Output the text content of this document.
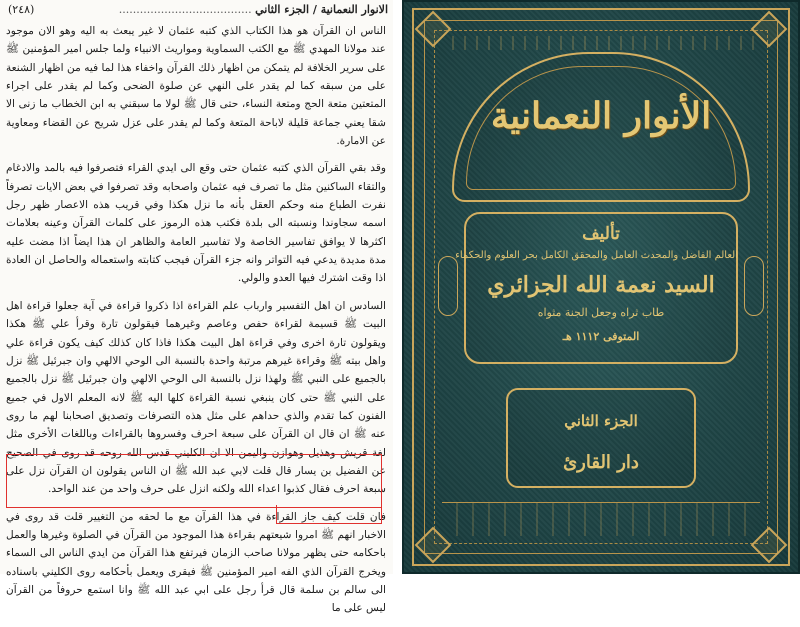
الانوار النعمانية / الجزء الثاني ......................................
(٢٤٨)

الناس ان القرآن هو هذا الكتاب الذي كتبه عثمان لا غير يبعث به اليه وهو الان موجود عند مولانا المهدي ﷺ مع الكتب السماوية ومواريث الانبياء ولما جلس امير المؤمنين ﷺ على سرير الخلافة لم يتمكن من اظهار ذلك القرآن واخفاء هذا لما فيه من اظهار الشنعة على من سبقه كما لم يقدر على النهي عن صلوة الضحى وكما لم يقدر على اجراء المتعتين متعة الحج ومتعة النساء، حتى قال ﷺ لولا ما سبقني به ابن الخطاب ما زنى الا شقا يعني جماعة قليلة لاباحة المتعة وكما لم يقدر على عزل شريح عن القضاء ومعاوية عن الامارة.

وقد بقي القرآن الذي كتبه عثمان حتى وقع الى ايدي القراء فتصرفوا فيه بالمد والادغام والتقاء الساكنين مثل ما تصرف فيه عثمان واصحابه وقد تصرفوا في بعض الايات تصرفاً نفرت الطباع منه وحكم العقل بأنه ما نزل هكذا وفي قريب هذه الاعصار ظهر رجل اسمه سجاوندا ونسبته الى بلدة فكتب هذه الرموز على كلمات القرآن وعينه بعلامات اكثرها لا يوافق تفاسير الخاصة ولا تفاسير العامة والظاهر ان هذا ايضاً اذا مضت عليه مدة مديدة يدعي فيه التواتر وانه جزء القرآن فيجب كتابته واستعماله والحاصل ان العادة اذا وقت اشترك فيها العدو والولي.

السادس ان اهل التفسير وارباب علم القراءة اذا ذكروا قراءة في آية جعلوا قراءة اهل البيت ﷺ قسيمة لقراءة حفص وعاصم وغيرهما فيقولون تارة وقرأ علي ﷺ هكذا ويقولون تارة اخرى وفي قراءة اهل البيت هكذا فاذا كان كذلك كيف يكون قراءة علي واهل بيته ﷺ وقراءة غيرهم مرتبة واحدة بالنسبة الى الوحي الالهي وان جبرئيل ﷺ نزل بالجميع على النبي ﷺ ولهذا نزل بالنسبة الى الوحي الالهي وان جبرئيل ﷺ نزل بالجميع على النبي ﷺ حتى كان ينبغي نسبة القراءة كلها اليه ﷺ لانه المعلم الاول في جميع الفنون كما تقدم والذي حداهم على مثل هذه التصرفات وتصديق اصحابنا لهم ما روى عنه ﷺ ان قال ان القرآن على سبعة احرف وفسروها بالقراءات وباللغات الأخرى مثل لغة قريش وهذيل وهوازن واليمن الا ان الكليني قدس الله روحه قد روى في الصحيح عن الفضيل بن يسار قال قلت لابي عبد الله ﷺ ان الناس يقولون ان القرآن نزل على سبعة احرف فقال كذبوا اعداء الله ولكنه انزل على حرف واحد من عند الواحد.

فان قلت كيف جاز القراءة في هذا القرآن مع ما لحقه من التغيير قلت قد روى في الاخبار انهم ﷺ امروا شيعتهم بقراءة هذا الموجود من القرآن في الصلوة وغيرها والعمل باحكامه حتى يظهر مولانا صاحب الزمان فيرتفع هذا القرآن من ايدي الناس الى السماء ويخرج القرآن الذي الفه امير المؤمنين ﷺ فيقرى ويعمل بأحكامه روى الكليني باسناده الى سالم بن سلمة قال قرأ رجل على ابي عبد الله ﷺ وانا استمع حروفاً من القرآن ليس على ما

الأنوار النعمانية
تأليف
العالم الفاضل والمحدث العامل والمحقق الكامل بحر العلوم والحكماء
السيد نعمة الله الجزائري
طاب ثراه وجعل الجنة مثواه
المتوفى ١١١٢ هـ
الجزء الثاني
دار القارئ
